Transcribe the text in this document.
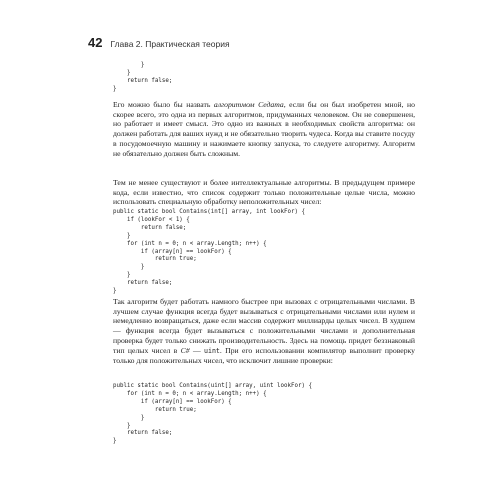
42 Глава 2. Практическая теория
}
}
return false;
}

Его можно было бы назвать алгоритмом Седата, если бы он был изобретен мной, но скорее всего, это одна из первых алгоритмов, придуманных человеком. Он не совершенен, но работает и имеет смысл. Это одно из важных в необходимых свойств алгоритма: он должен работать для ваших нужд и не обязательно творить чудеса. Когда вы ставите посуду в посудомоечную машину и нажимаете кнопку запуска, то следуете алгоритму. Алгоритм не обязательно должен быть сложным.

Тем не менее существуют и более интеллектуальные алгоритмы. В предыдущем примере кода, если известно, что список содержит только положительные целые числа, можно использовать специальную обработку неположительных чисел:

public static bool Contains(int[] array, int lookFor) {
if (lookFor < 1) {
return false;
}
for (int n = 0; n < array.Length; n++) {
if (array[n] == lookFor) {
return true;
}
}
return false;
}

Так алгоритм будет работать намного быстрее при вызовах с отрицательными числами. В лучшем случае функция всегда будет вызываться с отрицательными числами или нулем и немедленно возвращаться, даже если массив содержит миллиарды целых чисел. В худшем — функция всегда будет вызываться с положительными числами и дополнительная проверка будет только снижать производительность. Здесь на помощь придет беззнаковый тип целых чисел в C# — uint. При его использовании компилятор выполнит проверку только для положительных чисел, что исключит лишние проверки:

public static bool Contains(uint[] array, uint lookFor) {
for (int n = 0; n < array.Length; n++) {
if (array[n] == lookFor) {
return true;
}
}
return false;
}
